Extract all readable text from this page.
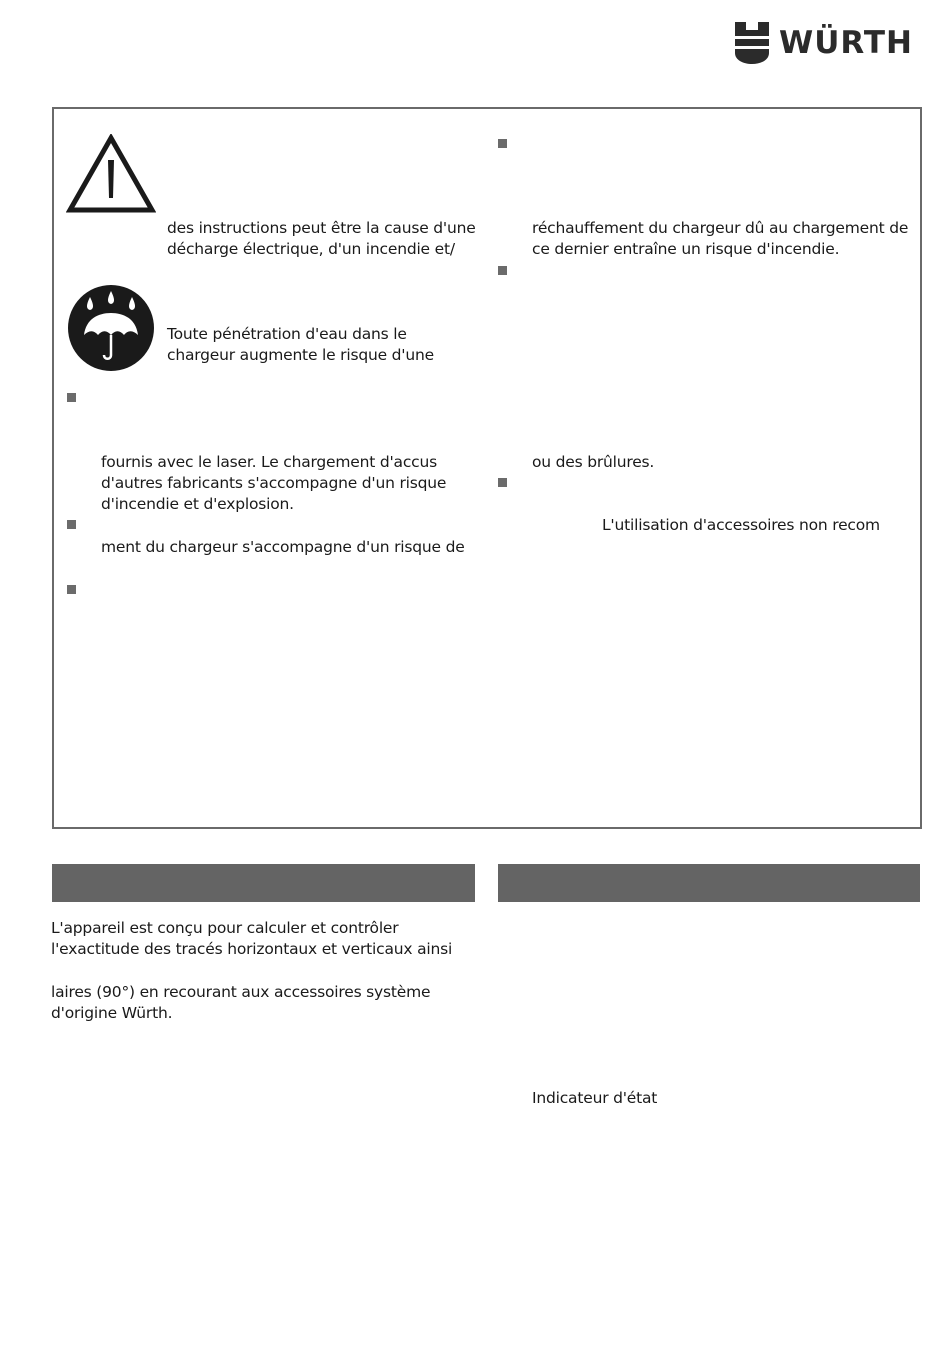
WÜRTH
des instructions peut être la cause d'une
décharge électrique, d'un incendie et/
Toute pénétration d'eau dans le
chargeur augmente le risque d'une
fournis avec le laser. Le chargement d'accus
d'autres fabricants s'accompagne d'un risque
d'incendie et d'explosion.
ment du chargeur s'accompagne d'un risque de
réchauffement du chargeur dû au chargement de
ce dernier entraîne un risque d'incendie.
ou des brûlures.
L'utilisation d'accessoires non recom
L'appareil est conçu pour calculer et contrôler
l'exactitude des tracés horizontaux et verticaux ainsi
laires (90°) en recourant aux accessoires système
d'origine Würth.
Indicateur d'état
